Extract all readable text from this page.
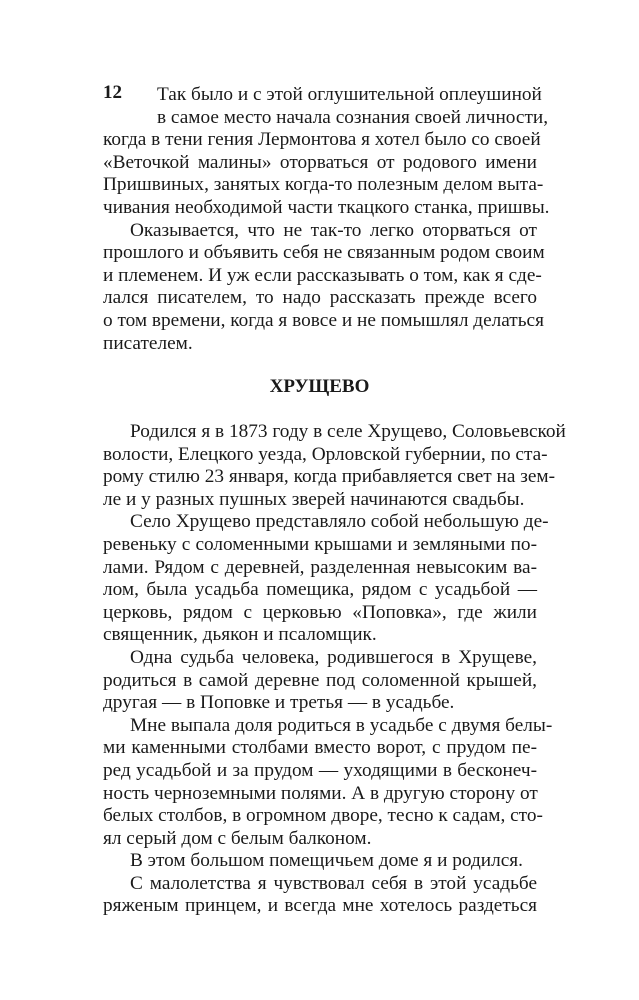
12	Так было и с этой оглушительной оплеушиной
в самое место начала сознания своей личности,
когда в тени гения Лермонтова я хотел было со своей
«Веточкой малины» оторваться от родового имени
Пришвиных, занятых когда-то полезным делом выта-
чивания необходимой части ткацкого станка, пришвы.
Оказывается, что не так-то легко оторваться от
прошлого и объявить себя не связанным родом своим
и племенем. И уж если рассказывать о том, как я сде-
лался писателем, то надо рассказать прежде всего
о том времени, когда я вовсе и не помышлял делаться
писателем.
ХРУЩЕВО
Родился я в 1873 году в селе Хрущево, Соловьевской
волости, Елецкого уезда, Орловской губернии, по ста-
рому стилю 23 января, когда прибавляется свет на зем-
ле и у разных пушных зверей начинаются свадьбы.
Село Хрущево представляло собой небольшую де-
ревеньку с соломенными крышами и земляными по-
лами. Рядом с деревней, разделенная невысоким ва-
лом, была усадьба помещика, рядом с усадьбой —
церковь, рядом с церковью «Поповка», где жили
священник, дьякон и псаломщик.
Одна судьба человека, родившегося в Хрущеве,
родиться в самой деревне под соломенной крышей,
другая — в Поповке и третья — в усадьбе.
Мне выпала доля родиться в усадьбе с двумя белы-
ми каменными столбами вместо ворот, с прудом пе-
ред усадьбой и за прудом — уходящими в бесконеч-
ность черноземными полями. А в другую сторону от
белых столбов, в огромном дворе, тесно к садам, сто-
ял серый дом с белым балконом.
В этом большом помещичьем доме я и родился.
С малолетства я чувствовал себя в этой усадьбе
ряженым принцем, и всегда мне хотелось раздеться
